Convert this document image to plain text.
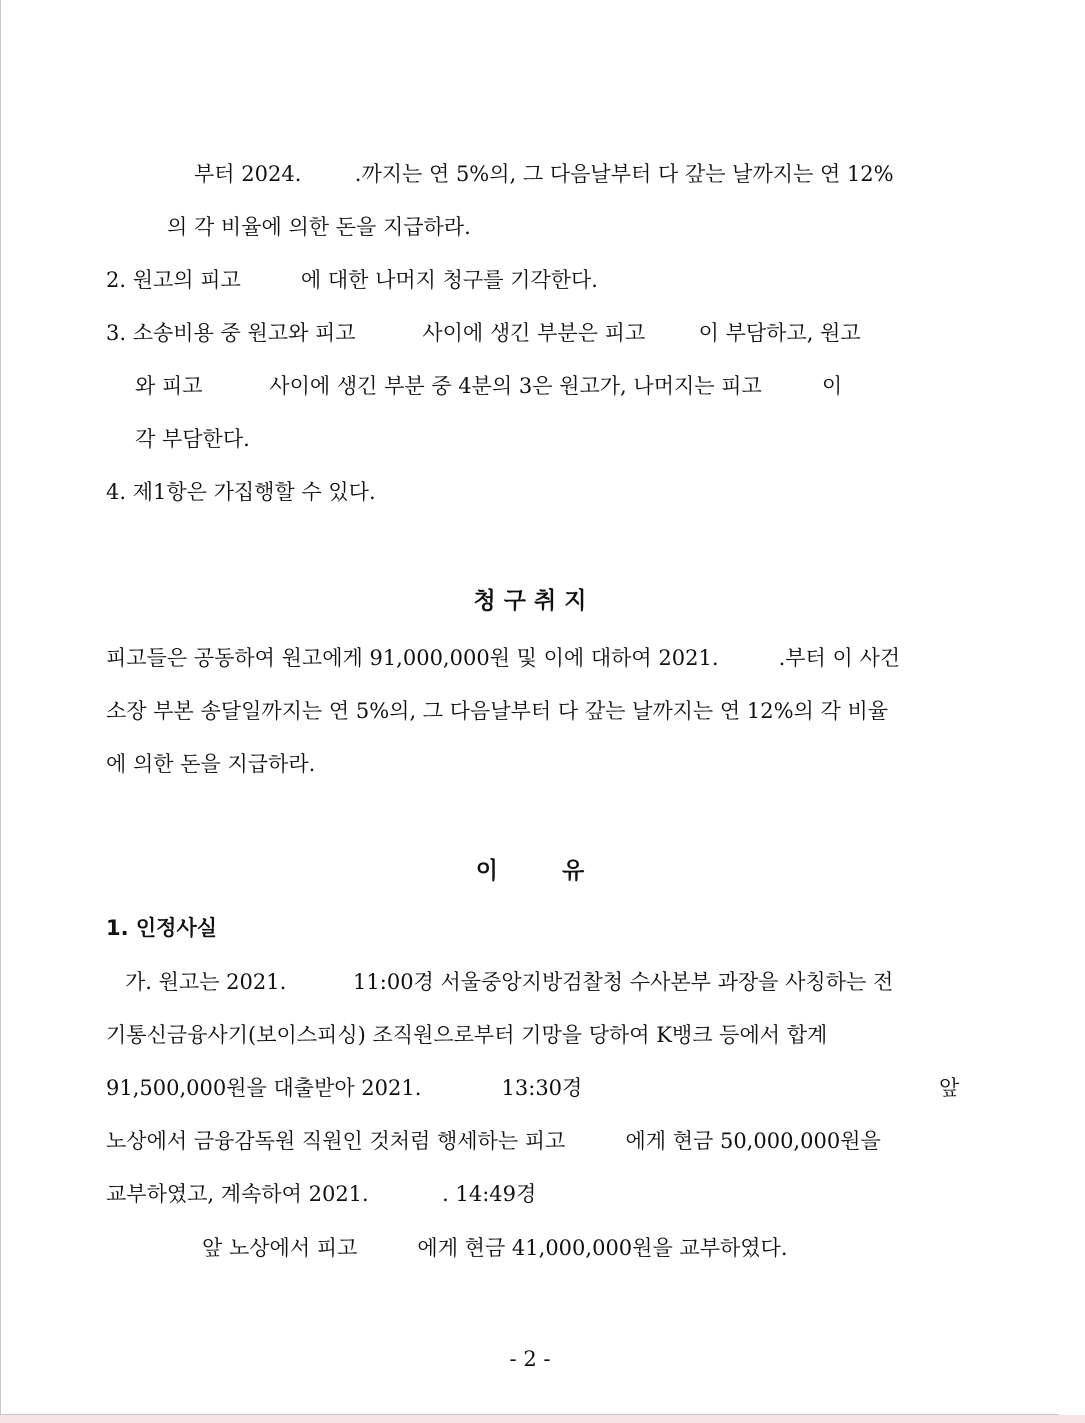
부터 2024.        .까지는 연 5%의, 그 다음날부터 다 갚는 날까지는 연 12%
의 각 비율에 의한 돈을 지급하라.
2. 원고의 피고         에 대한 나머지 청구를 기각한다.
3. 소송비용 중 원고와 피고          사이에 생긴 부분은 피고        이 부담하고, 원고
와 피고          사이에 생긴 부분 중 4분의 3은 원고가, 나머지는 피고         이
각 부담한다.
4. 제1항은 가집행할 수 있다.
청 구 취 지
피고들은 공동하여 원고에게 91,000,000원 및 이에 대하여 2021.         .부터 이 사건
소장 부본 송달일까지는 연 5%의, 그 다음날부터 다 갚는 날까지는 연 12%의 각 비율
에 의한 돈을 지급하라.
이        유
1. 인정사실
가. 원고는 2021.          11:00경 서울중앙지방검찰청 수사본부 과장을 사칭하는 전
기통신금융사기(보이스피싱) 조직원으로부터 기망을 당하여 K뱅크 등에서 합계
91,500,000원을 대출받아 2021.            13:30경	앞
노상에서 금융감독원 직원인 것처럼 행세하는 피고         에게 현금 50,000,000원을
교부하였고, 계속하여 2021.           . 14:49경
앞 노상에서 피고         에게 현금 41,000,000원을 교부하였다.
- 2 -
